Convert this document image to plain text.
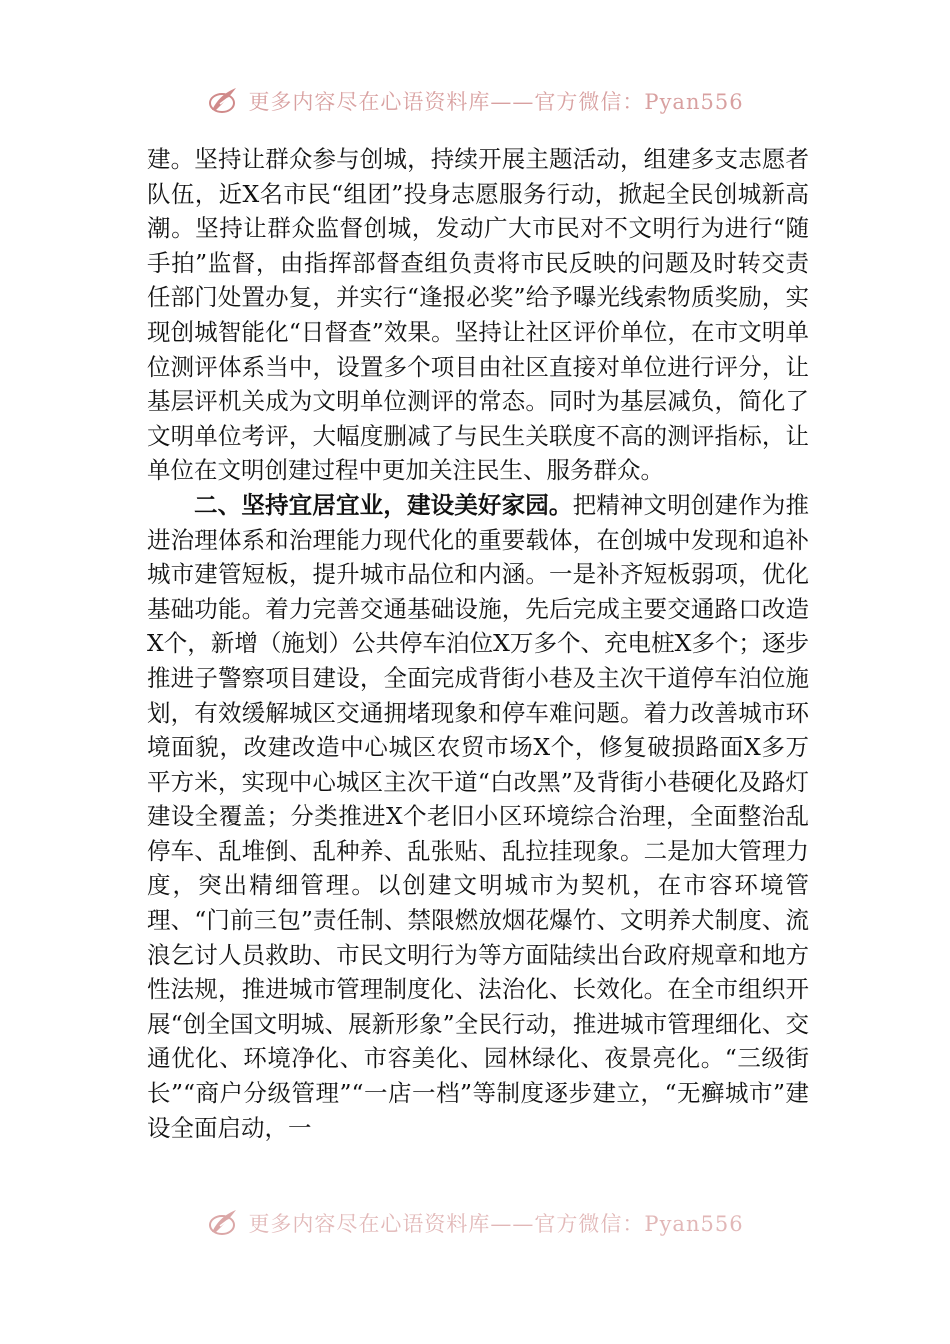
更多内容尽在心语资料库——官方微信：Pyan556

建。坚持让群众参与创城，持续开展主题活动，组建多支志愿者队伍，近X名市民“组团”投身志愿服务行动，掀起全民创城新高潮。坚持让群众监督创城，发动广大市民对不文明行为进行“随手拍”监督，由指挥部督查组负责将市民反映的问题及时转交责任部门处置办复，并实行“逢报必奖”给予曝光线索物质奖励，实现创城智能化“日督查”效果。坚持让社区评价单位，在市文明单位测评体系当中，设置多个项目由社区直接对单位进行评分，让基层评机关成为文明单位测评的常态。同时为基层减负，简化了文明单位考评，大幅度删减了与民生关联度不高的测评指标，让单位在文明创建过程中更加关注民生、服务群众。

二、坚持宜居宜业，建设美好家园。把精神文明创建作为推进治理体系和治理能力现代化的重要载体，在创城中发现和追补城市建管短板，提升城市品位和内涵。一是补齐短板弱项，优化基础功能。着力完善交通基础设施，先后完成主要交通路口改造X个，新增（施划）公共停车泊位X万多个、充电桩X多个；逐步推进子警察项目建设，全面完成背街小巷及主次干道停车泊位施划，有效缓解城区交通拥堵现象和停车难问题。着力改善城市环境面貌，改建改造中心城区农贸市场X个，修复破损路面X多万平方米，实现中心城区主次干道“白改黑”及背街小巷硬化及路灯建设全覆盖；分类推进X个老旧小区环境综合治理，全面整治乱停车、乱堆倒、乱种养、乱张贴、乱拉挂现象。二是加大管理力度，突出精细管理。以创建文明城市为契机，在市容环境管理、“门前三包”责任制、禁限燃放烟花爆竹、文明养犬制度、流浪乞讨人员救助、市民文明行为等方面陆续出台政府规章和地方性法规，推进城市管理制度化、法治化、长效化。在全市组织开展“创全国文明城、展新形象”全民行动，推进城市管理细化、交通优化、环境净化、市容美化、园林绿化、夜景亮化。“三级街长”“商户分级管理”“一店一档”等制度逐步建立，“无癣城市”建设全面启动，一

更多内容尽在心语资料库——官方微信：Pyan556
